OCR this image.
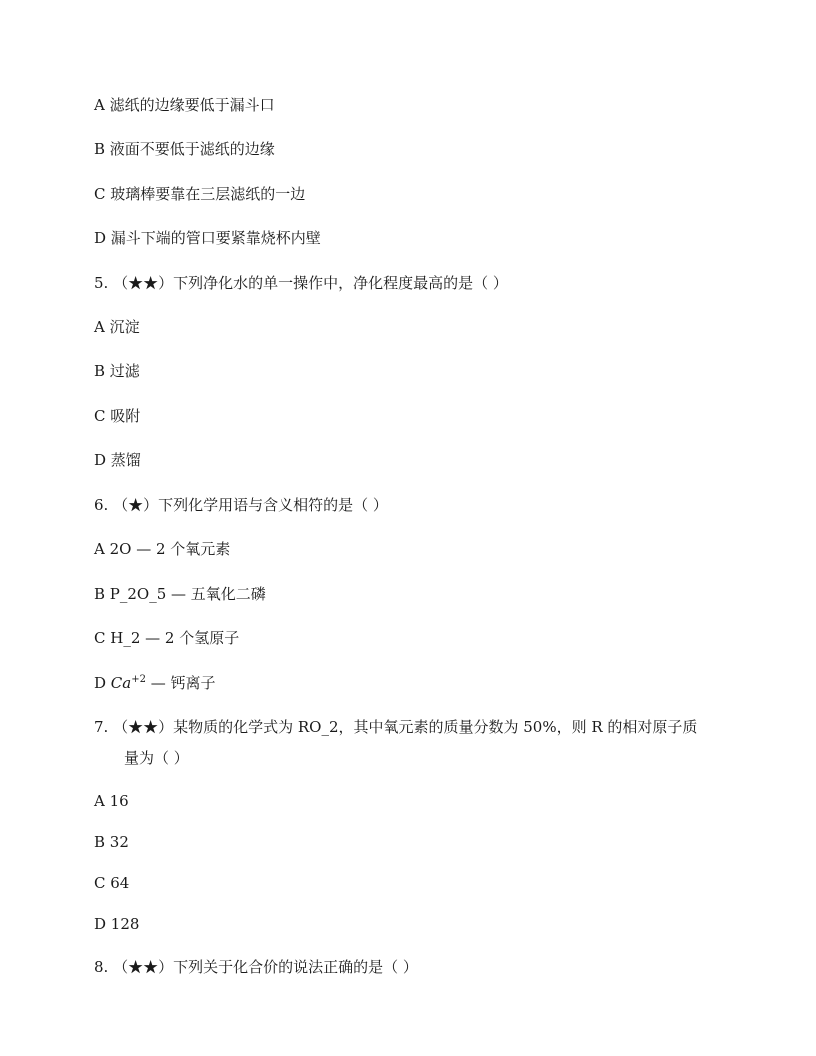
A 滤纸的边缘要低于漏斗口
B 液面不要低于滤纸的边缘
C 玻璃棒要靠在三层滤纸的一边
D 漏斗下端的管口要紧靠烧杯内壁
5. （★★）下列净化水的单一操作中，净化程度最高的是（ ）
A 沉淀
B 过滤
C 吸附
D 蒸馏
6. （★）下列化学用语与含义相符的是（ ）
A 2O — 2 个氧元素
B P_2O_5 — 五氧化二磷
C H_2 — 2 个氢原子
D $Ca^{+2}$ — 钙离子
7. （★★）某物质的化学式为 RO_2，其中氧元素的质量分数为 50%，则 R 的相对原子质
量为（ ）
A 16
B 32
C 64
D 128
8. （★★）下列关于化合价的说法正确的是（ ）
